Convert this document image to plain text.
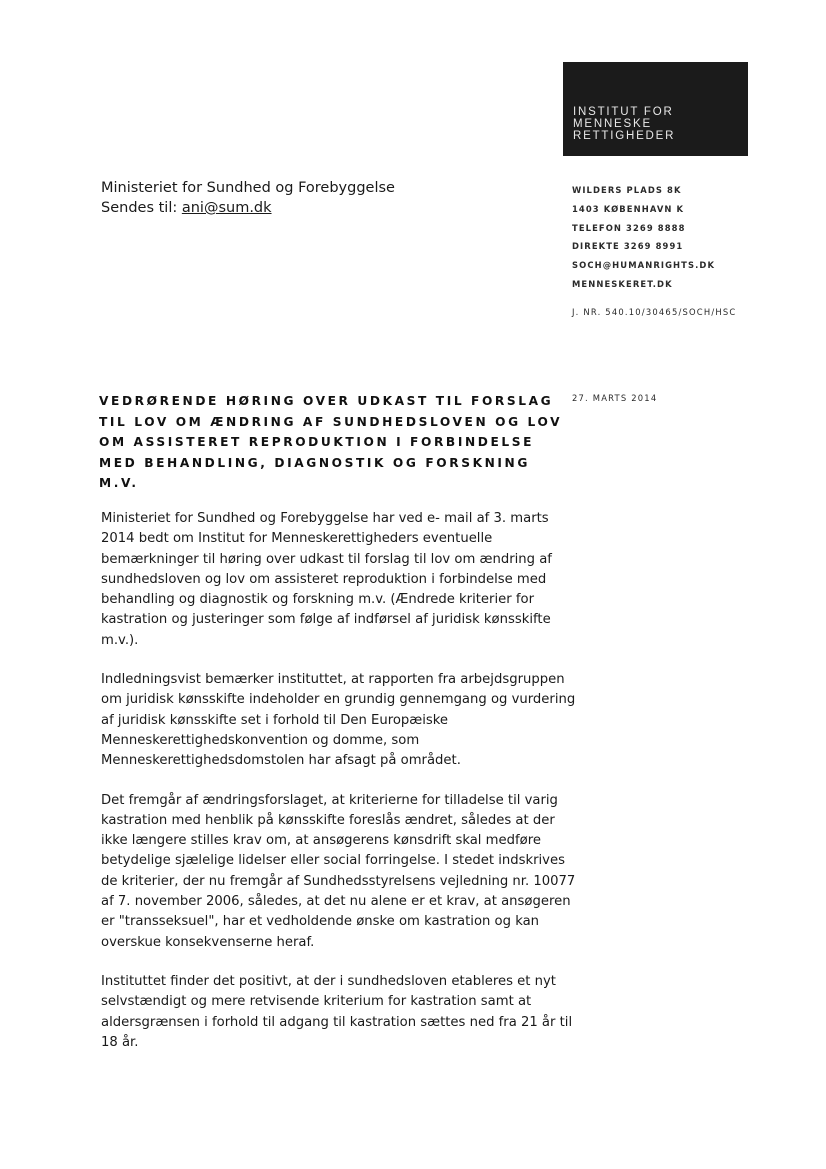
INSTITUT FOR
MENNESKE
RETTIGHEDER
Ministeriet for Sundhed og Forebyggelse
Sendes til: ani@sum.dk
WILDERS PLADS 8K
1403 KØBENHAVN K
TELEFON 3269 8888
DIREKTE 3269 8991
SOCH@HUMANRIGHTS.DK
MENNESKERET.DK
J. NR. 540.10/30465/SOCH/HSC
27. MARTS 2014
VEDRØRENDE HØRING OVER UDKAST TIL FORSLAG
TIL LOV OM ÆNDRING AF SUNDHEDSLOVEN OG LOV
OM ASSISTERET REPRODUKTION I FORBINDELSE
MED BEHANDLING, DIAGNOSTIK OG FORSKNING
M.V.
Ministeriet for Sundhed og Forebyggelse har ved e- mail af 3. marts
2014 bedt om Institut for Menneskerettigheders eventuelle
bemærkninger til høring over udkast til forslag til lov om ændring af
sundhedsloven og lov om assisteret reproduktion i forbindelse med
behandling og diagnostik og forskning m.v. (Ændrede kriterier for
kastration og justeringer som følge af indførsel af juridisk kønsskifte
m.v.).
Indledningsvist bemærker instituttet, at rapporten fra arbejdsgruppen
om juridisk kønsskifte indeholder en grundig gennemgang og vurdering
af juridisk kønsskifte set i forhold til Den Europæiske
Menneskerettighedskonvention og domme, som
Menneskerettighedsdomstolen har afsagt på området.
Det fremgår af ændringsforslaget, at kriterierne for tilladelse til varig
kastration med henblik på kønsskifte foreslås ændret, således at der
ikke længere stilles krav om, at ansøgerens kønsdrift skal medføre
betydelige sjælelige lidelser eller social forringelse. I stedet indskrives
de kriterier, der nu fremgår af Sundhedsstyrelsens vejledning nr. 10077
af 7. november 2006, således, at det nu alene er et krav, at ansøgeren
er "transseksuel", har et vedholdende ønske om kastration og kan
overskue konsekvenserne heraf.
Instituttet finder det positivt, at der i sundhedsloven etableres et nyt
selvstændigt og mere retvisende kriterium for kastration samt at
aldersgrænsen i forhold til adgang til kastration sættes ned fra 21 år til
18 år.
